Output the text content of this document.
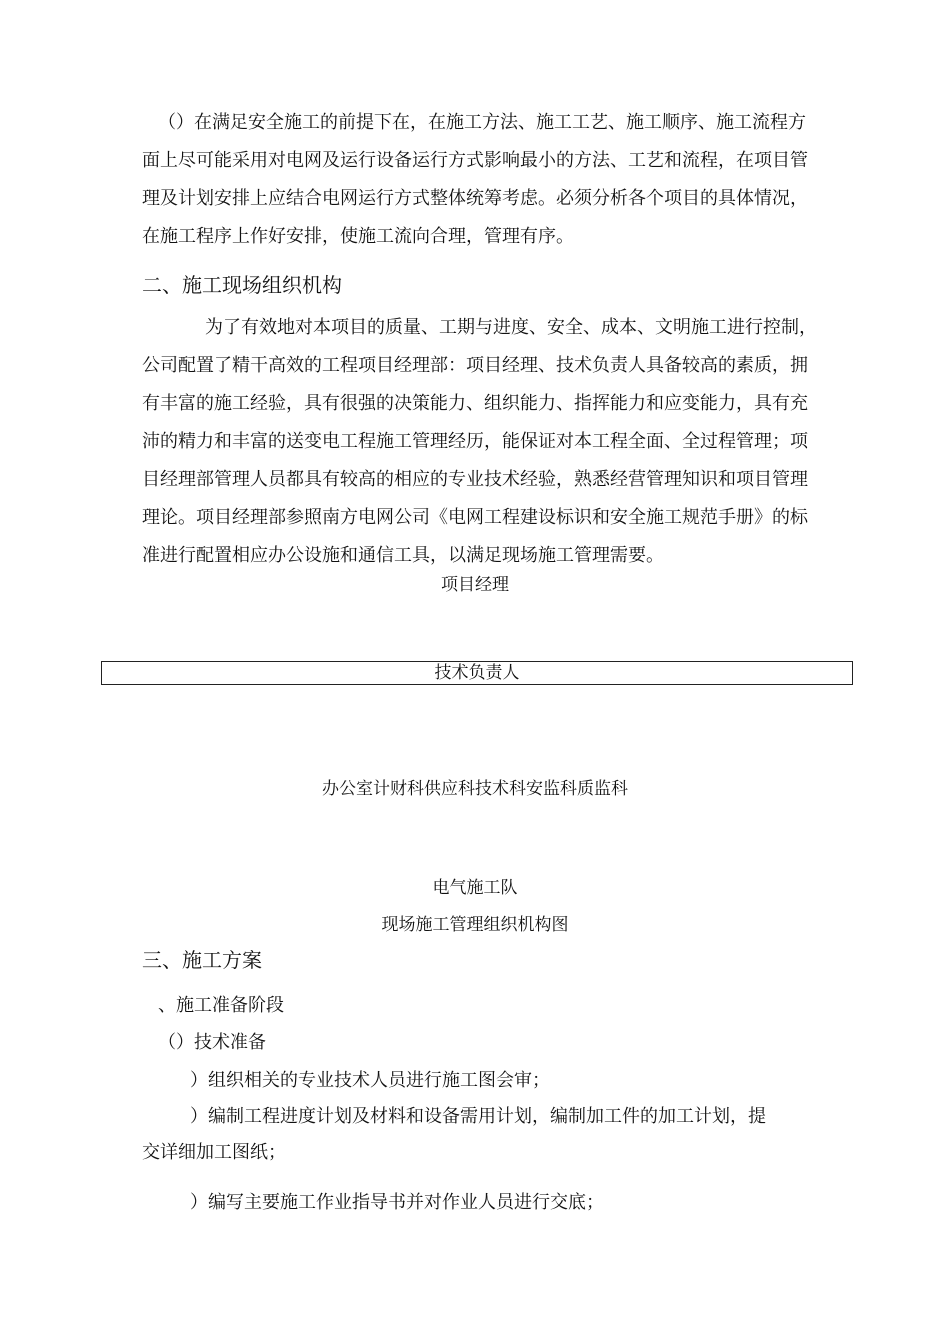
（）在满足安全施工的前提下在，在施工方法、施工工艺、施工顺序、施工流程方
面上尽可能采用对电网及运行设备运行方式影响最小的方法、工艺和流程，在项目管
理及计划安排上应结合电网运行方式整体统筹考虑。必须分析各个项目的具体情况，
在施工程序上作好安排，使施工流向合理，管理有序。
二、施工现场组织机构
为了有效地对本项目的质量、工期与进度、安全、成本、文明施工进行控制，
公司配置了精干高效的工程项目经理部：项目经理、技术负责人具备较高的素质，拥
有丰富的施工经验，具有很强的决策能力、组织能力、指挥能力和应变能力，具有充
沛的精力和丰富的送变电工程施工管理经历，能保证对本工程全面、全过程管理；项
目经理部管理人员都具有较高的相应的专业技术经验，熟悉经营管理知识和项目管理
理论。项目经理部参照南方电网公司《电网工程建设标识和安全施工规范手册》的标
准进行配置相应办公设施和通信工具，以满足现场施工管理需要。
项目经理
技术负责人
办公室计财科供应科技术科安监科质监科
电气施工队
现场施工管理组织机构图
三、施工方案
、施工准备阶段
（）技术准备
）组织相关的专业技术人员进行施工图会审；
）编制工程进度计划及材料和设备需用计划，编制加工件的加工计划，提
交详细加工图纸；
）编写主要施工作业指导书并对作业人员进行交底；
